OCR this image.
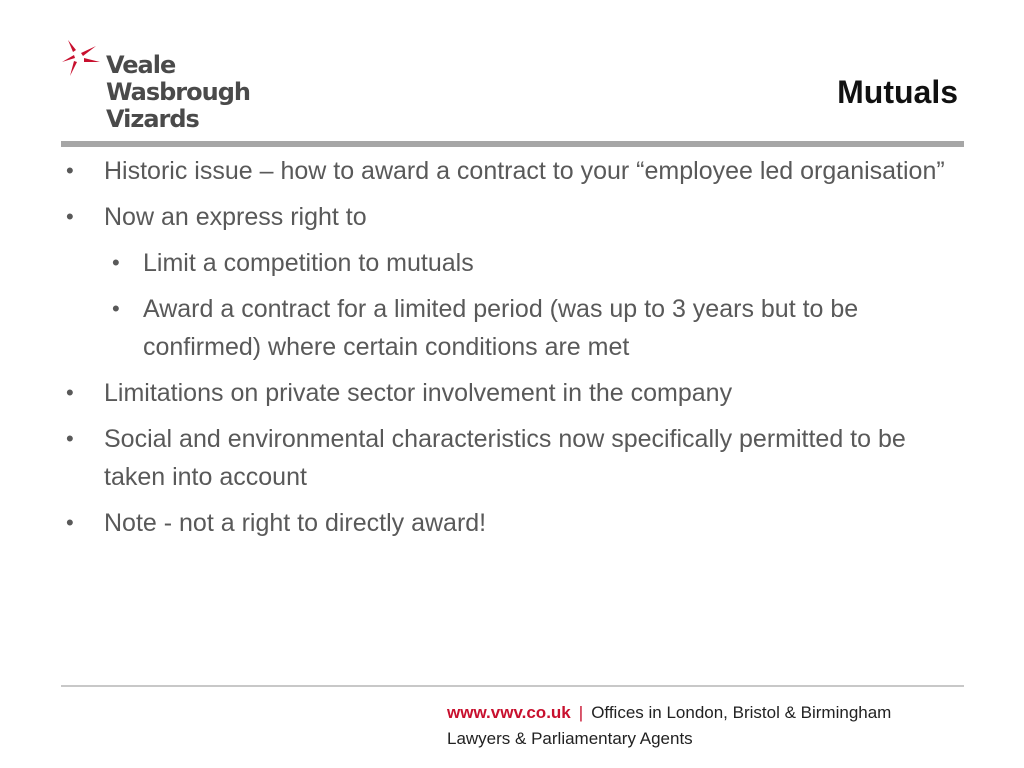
Veale Wasbrough
Vizards
Mutuals
• Historic issue – how to award a contract to your “employee led organisation”
• Now an express right to
• Limit a competition to mutuals
• Award a contract for a limited period (was up to 3 years but to be confirmed) where certain conditions are met
• Limitations on private sector involvement in the company
• Social and environmental characteristics now specifically permitted to be taken into account
• Note - not a right to directly award!
www.vwv.co.uk | Offices in London, Bristol & Birmingham
Lawyers & Parliamentary Agents
